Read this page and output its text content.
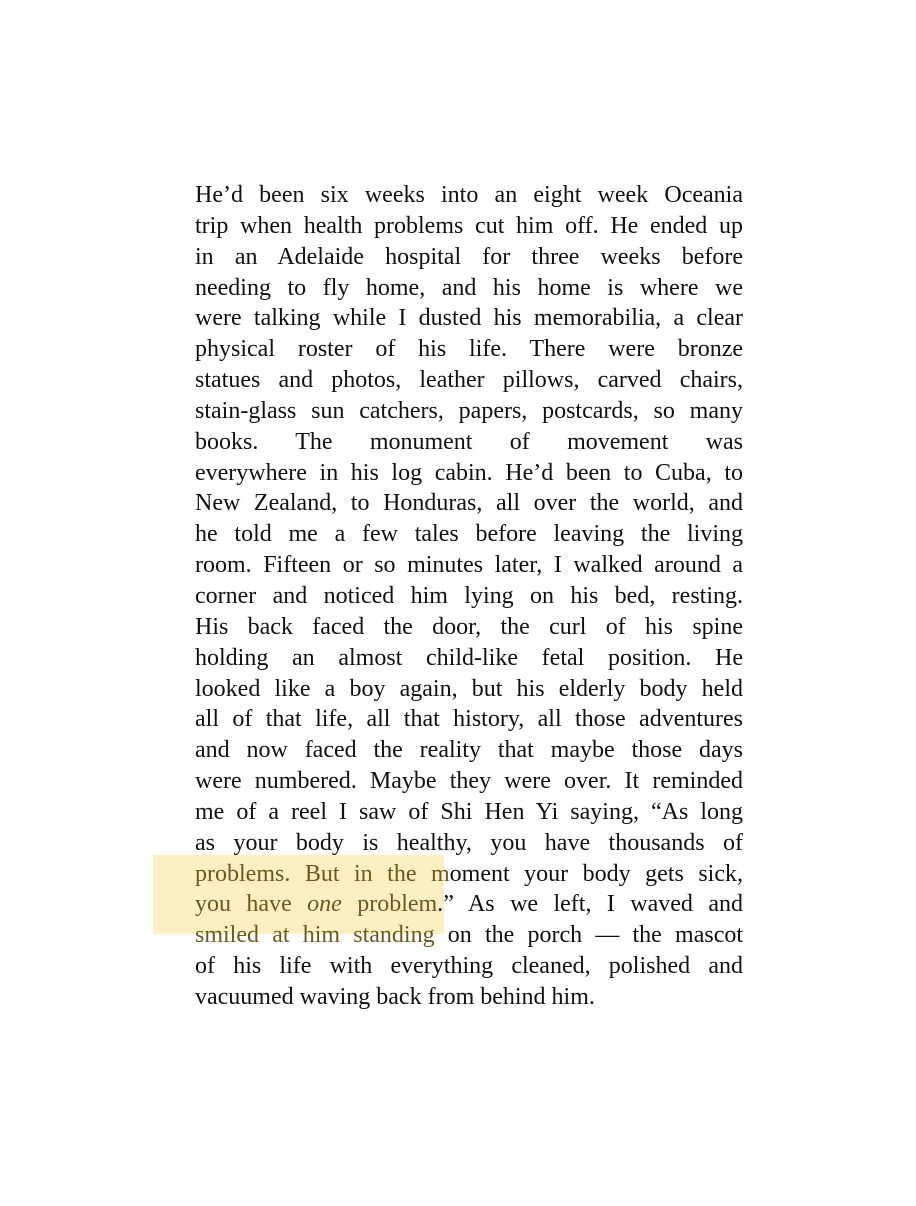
He’d been six weeks into an eight week Oceania
trip when health problems cut him off. He ended up
in an Adelaide hospital for three weeks before
needing to fly home, and his home is where we
were talking while I dusted his memorabilia, a clear
physical roster of his life. There were bronze
statues and photos, leather pillows, carved chairs,
stain-glass sun catchers, papers, postcards, so many
books. The monument of movement was
everywhere in his log cabin. He’d been to Cuba, to
New Zealand, to Honduras, all over the world, and
he told me a few tales before leaving the living
room. Fifteen or so minutes later, I walked around a
corner and noticed him lying on his bed, resting.
His back faced the door, the curl of his spine
holding an almost child-like fetal position. He
looked like a boy again, but his elderly body held
all of that life, all that history, all those adventures
and now faced the reality that maybe those days
were numbered. Maybe they were over. It reminded
me of a reel I saw of Shi Hen Yi saying, “As long
as your body is healthy, you have thousands of
problems. But in the moment your body gets sick,
you have one problem.” As we left, I waved and
smiled at him standing on the porch — the mascot
of his life with everything cleaned, polished and
vacuumed waving back from behind him.
